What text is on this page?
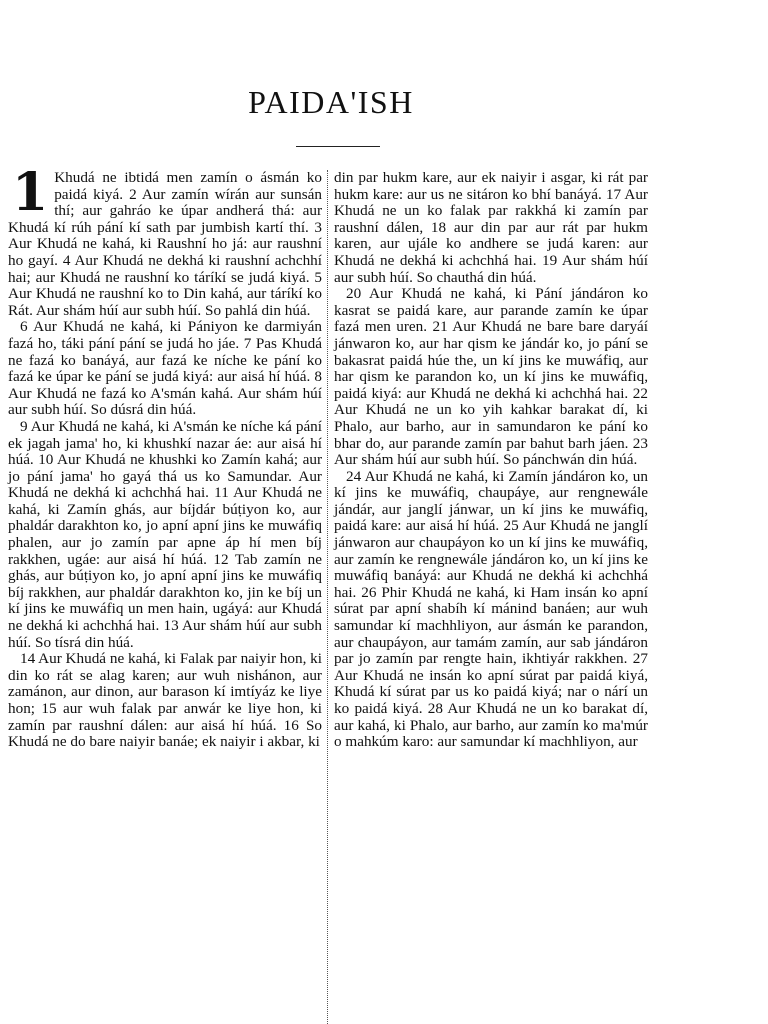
PAIDA'ISH
1 Khudá ne ibtidá men zamín o ásmán ko paidá kiyá. 2 Aur zamín wírán aur sunsán thí; aur gahráo ke úpar andherá thá: aur Khudá kí rúh pání kí sath par jumbish kartí thí. 3 Aur Khudá ne kahá, ki Raushní ho já: aur raushní ho gayí. 4 Aur Khudá ne dekhá ki raushní achchhí hai; aur Khudá ne raushní ko táríkí se judá kiyá. 5 Aur Khudá ne raushní ko to Din kahá, aur táríkí ko Rát. Aur shám húí aur subh húí. So pahlá din húá.

6 Aur Khudá ne kahá, ki Pániyon ke darmiyán fazá ho, táki pání pání se judá ho jáe. 7 Pas Khudá ne fazá ko banáyá, aur fazá ke níche ke pání ko fazá ke úpar ke pání se judá kiyá: aur aisá hí húá. 8 Aur Khudá ne fazá ko A'smán kahá. Aur shám húí aur subh húí. So dúsrá din húá.

9 Aur Khudá ne kahá, ki A'smán ke níche ká pání ek jagah jama' ho, ki khushkí nazar áe: aur aisá hí húá. 10 Aur Khudá ne khushki ko Zamín kahá; aur jo pání jama' ho gayá thá us ko Samundar. Aur Khudá ne dekhá ki achchhá hai. 11 Aur Khudá ne kahá, ki Zamín ghás, aur bíjdár búṭiyon ko, aur phaldár darakhton ko, jo apní apní jins ke muwáfiq phalen, aur jo zamín par apne áp hí men bíj rakkhen, ugáe: aur aisá hí húá. 12 Tab zamín ne ghás, aur búṭiyon ko, jo apní apní jins ke muwáfiq bíj rakkhen, aur phaldár darakhton ko, jin ke bíj un kí jins ke muwáfiq un men hain, ugáyá: aur Khudá ne dekhá ki achchhá hai. 13 Aur shám húí aur subh húí. So tísrá din húá.

14 Aur Khudá ne kahá, ki Falak par naiyir hon, ki din ko rát se alag karen; aur wuh nishánon, aur zamánon, aur dinon, aur barason kí imtíyáz ke liye hon; 15 aur wuh falak par anwár ke liye hon, ki zamín par raushní dálen: aur aisá hí húá. 16 So Khudá ne do bare naiyir banáe; ek naiyir i akbar, ki

din par hukm kare, aur ek naiyir i asgar, ki rát par hukm kare: aur us ne sitáron ko bhí banáyá. 17 Aur Khudá ne un ko falak par rakkhá ki zamín par raushní dálen, 18 aur din par aur rát par hukm karen, aur ujále ko andhere se judá karen: aur Khudá ne dekhá ki achchhá hai. 19 Aur shám húí aur subh húí. So chauthá din húá.

20 Aur Khudá ne kahá, ki Pání jándáron ko kasrat se paidá kare, aur parande zamín ke úpar fazá men uren. 21 Aur Khudá ne bare bare daryáí jánwaron ko, aur har qism ke jándár ko, jo pání se bakasrat paidá húe the, un kí jins ke muwáfiq, aur har qism ke parandon ko, un kí jins ke muwáfiq, paidá kiyá: aur Khudá ne dekhá ki achchhá hai. 22 Aur Khudá ne un ko yih kahkar barakat dí, ki Phalo, aur barho, aur in samundaron ke pání ko bhar do, aur parande zamín par bahut barh jáen. 23 Aur shám húí aur subh húí. So pánchwán din húá.

24 Aur Khudá ne kahá, ki Zamín jándáron ko, un kí jins ke muwáfiq, chaupáye, aur rengnewále jándár, aur janglí jánwar, un kí jins ke muwáfiq, paidá kare: aur aisá hí húá. 25 Aur Khudá ne janglí jánwaron aur chaupáyon ko un kí jins ke muwáfiq, aur zamín ke rengnewále jándáron ko, un kí jins ke muwáfiq banáyá: aur Khudá ne dekhá ki achchhá hai. 26 Phir Khudá ne kahá, ki Ham insán ko apní súrat par apní shabíh kí mánind banáen; aur wuh samundar kí machhliyon, aur ásmán ke parandon, aur chaupáyon, aur tamám zamín, aur sab jándáron par jo zamín par rengte hain, ikhtiyár rakkhen. 27 Aur Khudá ne insán ko apní súrat par paidá kiyá, Khudá kí súrat par us ko paidá kiyá; nar o nárí un ko paidá kiyá. 28 Aur Khudá ne un ko barakat dí, aur kahá, ki Phalo, aur barho, aur zamín ko ma'múr o mahkúm karo: aur samundar kí machhliyon, aur
